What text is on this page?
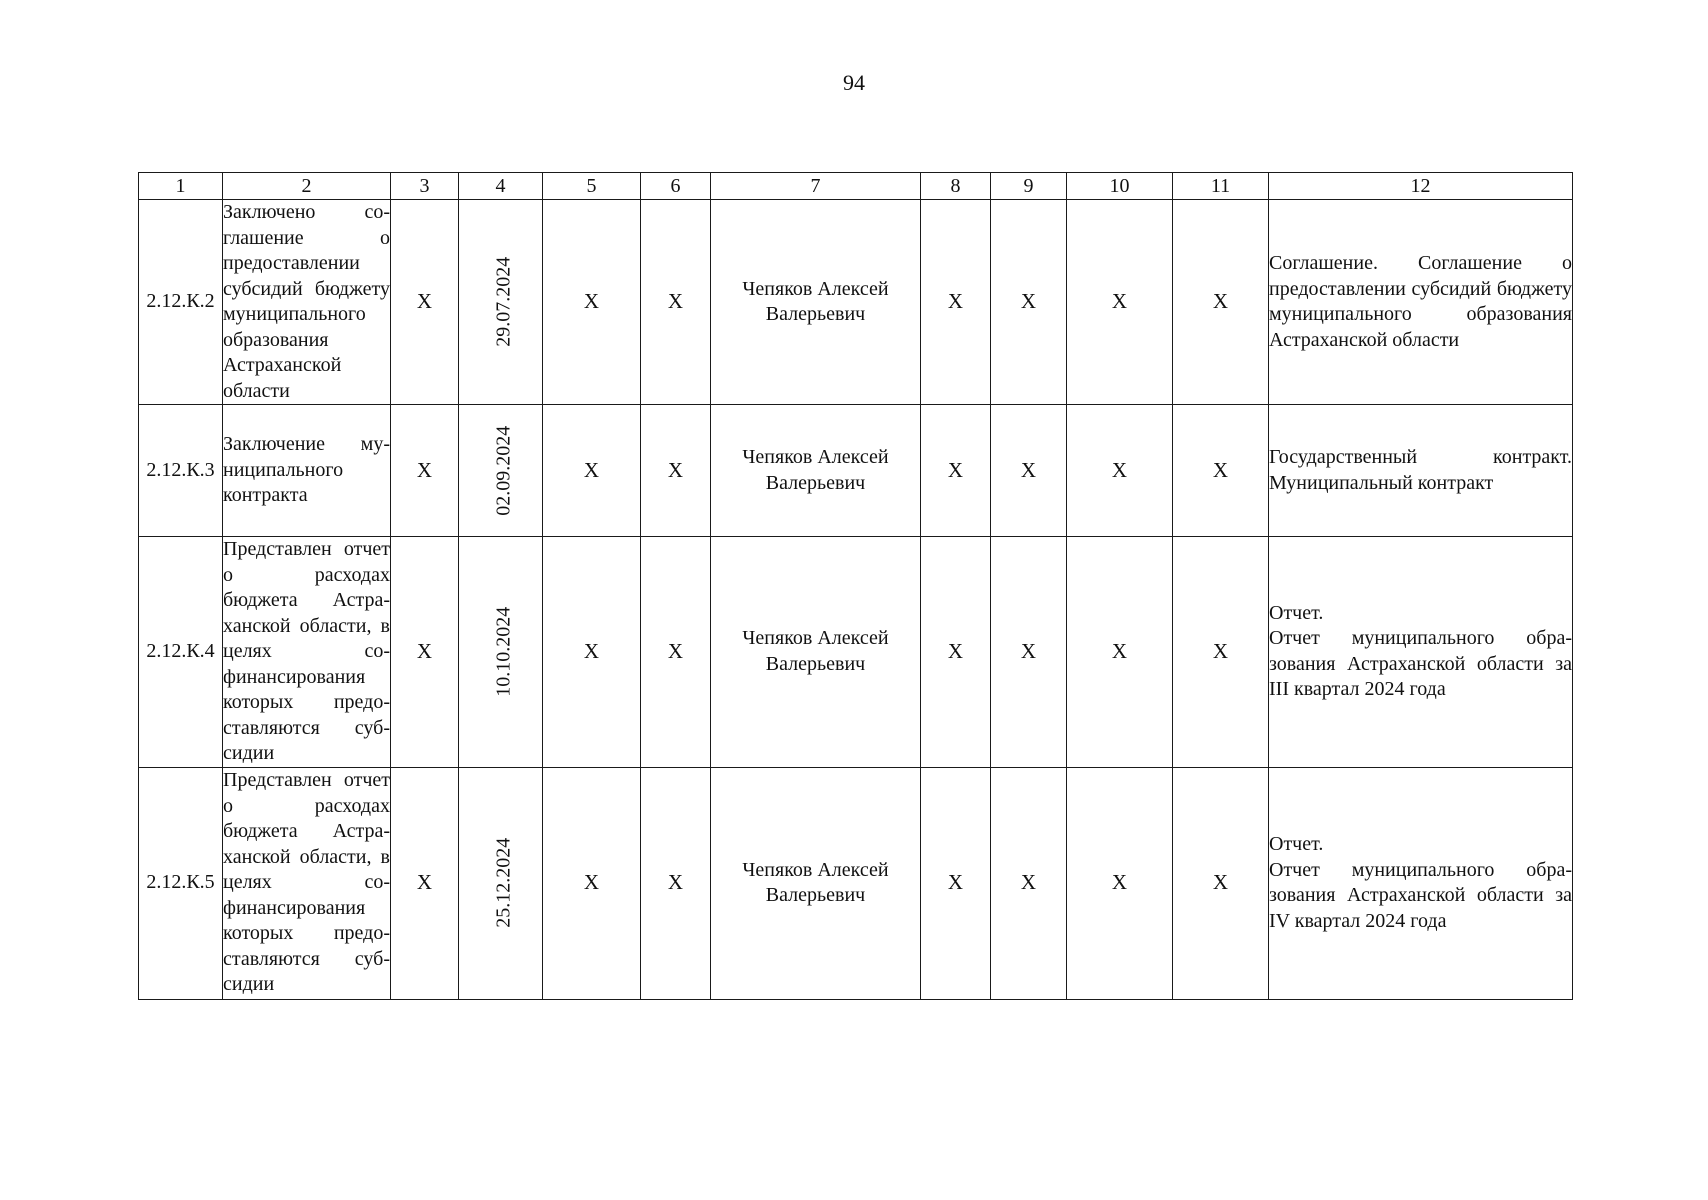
94
1	2	3	4	5	6	7	8	9	10	11	12
2.12.К.2	Заключено соглашение о предоставлении субсидий бюджету муниципального образования Астраханской области	X	29.07.2024	X	X	Чепяков Алексей Валерьевич	X	X	X	X	Соглашение. Соглашение о предоставлении субсидий бюджету муниципального образования Астраханской области

2.12.К.3	Заключение муниципального контракта	X	02.09.2024	X	X	Чепяков Алексей Валерьевич	X	X	X	X	Государственный контракт. Муниципальный контракт

2.12.К.4	Представлен отчет о расходах бюджета Астраханской области, в целях софинансирования которых предоставляются субсидии	X	10.10.2024	X	X	Чепяков Алексей Валерьевич	X	X	X	X	Отчет.
Отчет муниципального образования Астраханской области за III квартал 2024 года

2.12.К.5	Представлен отчет о расходах бюджета Астраханской области, в целях софинансирования которых предоставляются субсидии	X	25.12.2024	X	X	Чепяков Алексей Валерьевич	X	X	X	X	Отчет.
Отчет муниципального образования Астраханской области за IV квартал 2024 года
